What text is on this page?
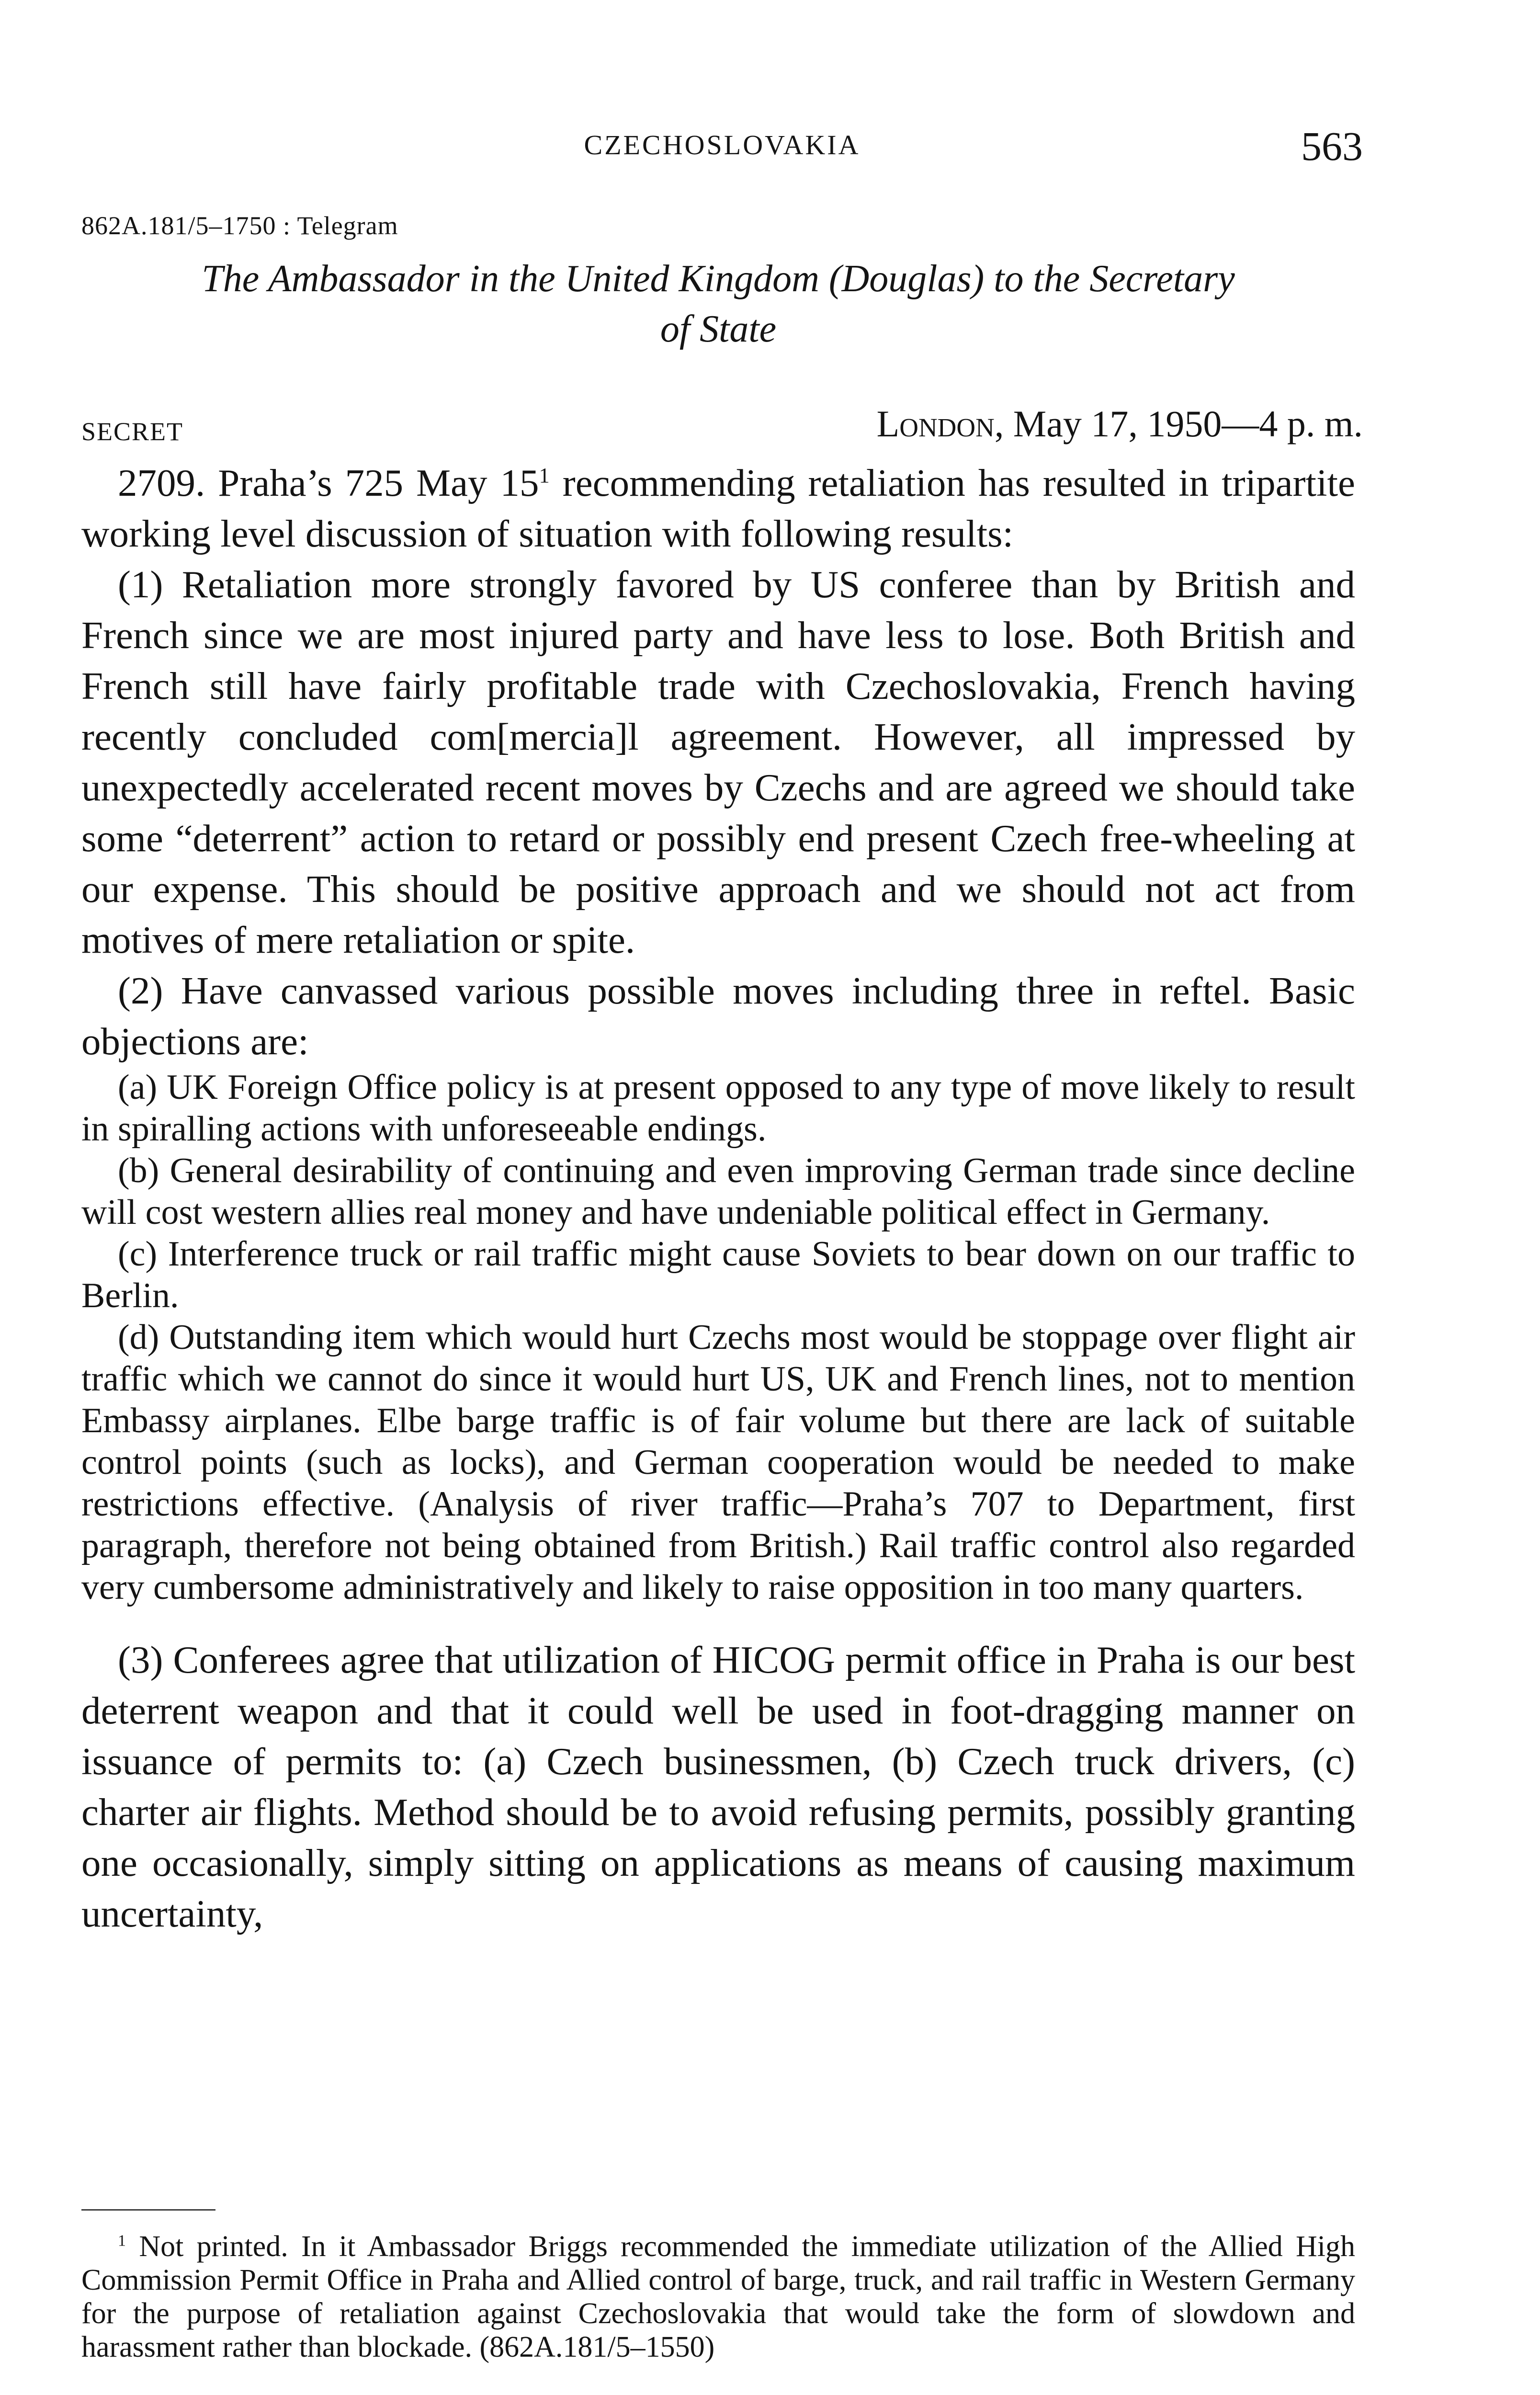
CZECHOSLOVAKIA	563
862A.181/5–1750 : Telegram
The Ambassador in the United Kingdom (Douglas) to the Secretary
of State
SECRET	London, May 17, 1950—4 p. m.

2709. Praha’s 725 May $15^1$ recommending retaliation has resulted in tripartite working level discussion of situation with following results:

(1) Retaliation more strongly favored by US conferee than by British and French since we are most injured party and have less to lose. Both British and French still have fairly profitable trade with Czechoslovakia, French having recently concluded com[mercia]l agreement. However, all impressed by unexpectedly accelerated recent moves by Czechs and are agreed we should take some “deterrent” action to retard or possibly end present Czech free-wheeling at our expense. This should be positive approach and we should not act from motives of mere retaliation or spite.

(2) Have canvassed various possible moves including three in reftel. Basic objections are:

(a) UK Foreign Office policy is at present opposed to any type of move likely to result in spiralling actions with unforeseeable endings.

(b) General desirability of continuing and even improving German trade since decline will cost western allies real money and have undeniable political effect in Germany.

(c) Interference truck or rail traffic might cause Soviets to bear down on our traffic to Berlin.

(d) Outstanding item which would hurt Czechs most would be stoppage over flight air traffic which we cannot do since it would hurt US, UK and French lines, not to mention Embassy airplanes. Elbe barge traffic is of fair volume but there are lack of suitable control points (such as locks), and German cooperation would be needed to make restrictions effective. (Analysis of river traffic—Praha’s 707 to Department, first paragraph, therefore not being obtained from British.) Rail traffic control also regarded very cumbersome administratively and likely to raise opposition in too many quarters.

(3) Conferees agree that utilization of HICOG permit office in Praha is our best deterrent weapon and that it could well be used in foot-dragging manner on issuance of permits to: (a) Czech businessmen, (b) Czech truck drivers, (c) charter air flights. Method should be to avoid refusing permits, possibly granting one occasionally, simply sitting on applications as means of causing maximum uncertainty,

$^1$ Not printed. In it Ambassador Briggs recommended the immediate utilization of the Allied High Commission Permit Office in Praha and Allied control of barge, truck, and rail traffic in Western Germany for the purpose of retaliation against Czechoslovakia that would take the form of slowdown and harassment rather than blockade. (862A.181/5–1550)
